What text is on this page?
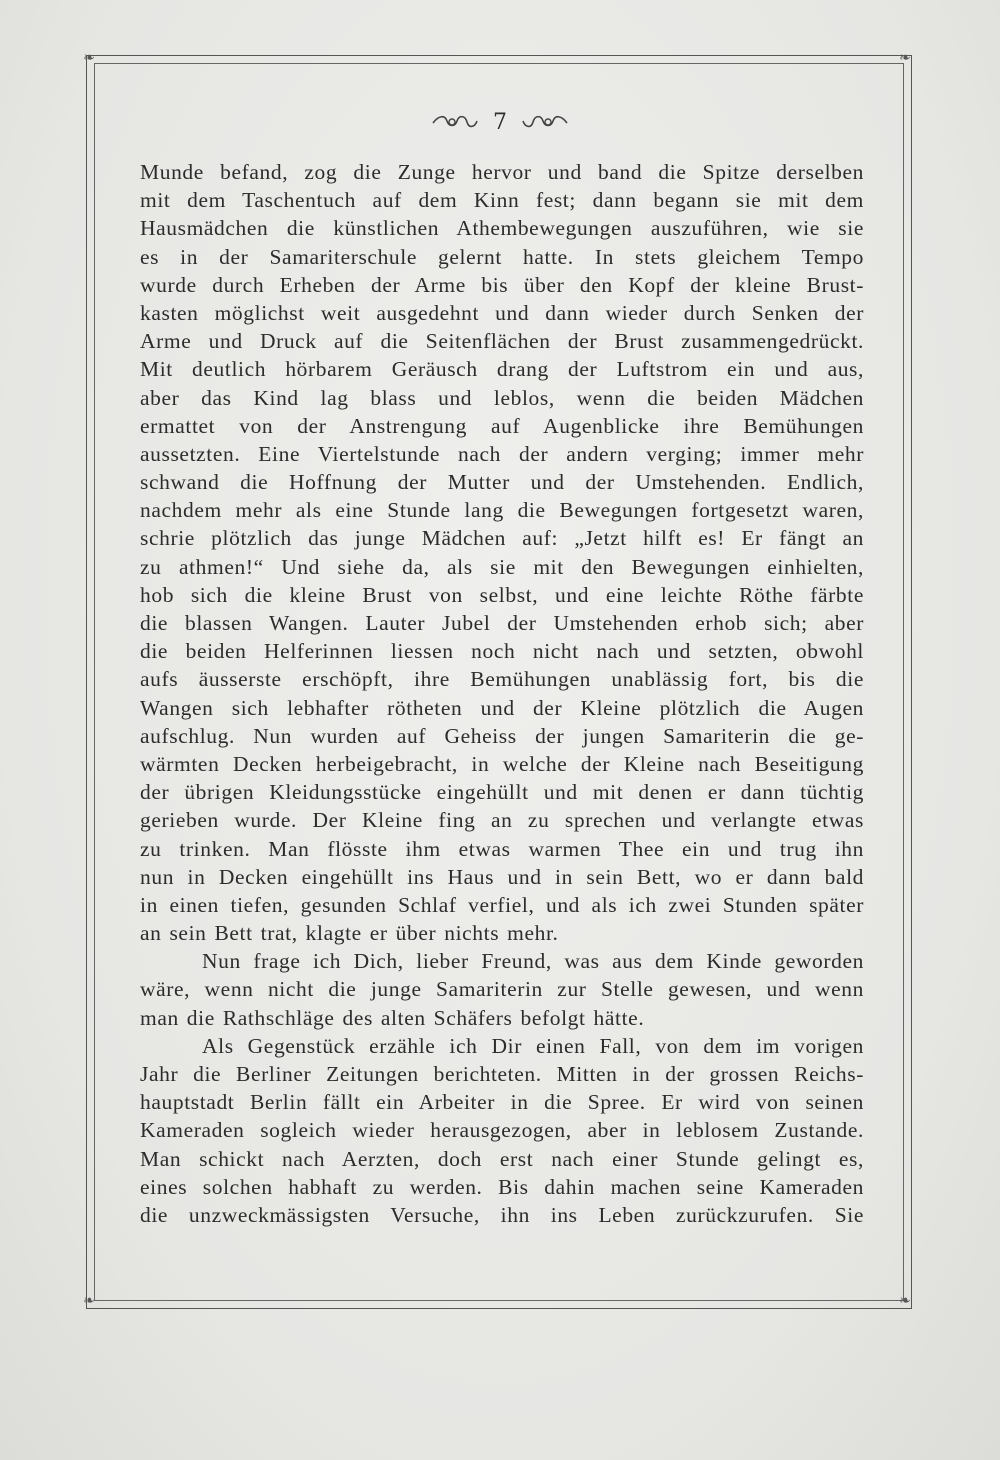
❧	❧
❧	❧
7
Munde befand, zog die Zunge hervor und band die Spitze derselben
mit dem Taschentuch auf dem Kinn fest; dann begann sie mit dem
Hausmädchen die künstlichen Athembewegungen auszuführen, wie sie
es in der Samariterschule gelernt hatte. In stets gleichem Tempo
wurde durch Erheben der Arme bis über den Kopf der kleine Brust-
kasten möglichst weit ausgedehnt und dann wieder durch Senken der
Arme und Druck auf die Seitenflächen der Brust zusammengedrückt.
Mit deutlich hörbarem Geräusch drang der Luftstrom ein und aus,
aber das Kind lag blass und leblos, wenn die beiden Mädchen
ermattet von der Anstrengung auf Augenblicke ihre Bemühungen
aussetzten. Eine Viertelstunde nach der andern verging; immer mehr
schwand die Hoffnung der Mutter und der Umstehenden. Endlich,
nachdem mehr als eine Stunde lang die Bewegungen fortgesetzt waren,
schrie plötzlich das junge Mädchen auf: „Jetzt hilft es! Er fängt an
zu athmen!“ Und siehe da, als sie mit den Bewegungen einhielten,
hob sich die kleine Brust von selbst, und eine leichte Röthe färbte
die blassen Wangen. Lauter Jubel der Umstehenden erhob sich; aber
die beiden Helferinnen liessen noch nicht nach und setzten, obwohl
aufs äusserste erschöpft, ihre Bemühungen unablässig fort, bis die
Wangen sich lebhafter rötheten und der Kleine plötzlich die Augen
aufschlug. Nun wurden auf Geheiss der jungen Samariterin die ge-
wärmten Decken herbeigebracht, in welche der Kleine nach Beseitigung
der übrigen Kleidungsstücke eingehüllt und mit denen er dann tüchtig
gerieben wurde. Der Kleine fing an zu sprechen und verlangte etwas
zu trinken. Man flösste ihm etwas warmen Thee ein und trug ihn
nun in Decken eingehüllt ins Haus und in sein Bett, wo er dann bald
in einen tiefen, gesunden Schlaf verfiel, und als ich zwei Stunden später
an sein Bett trat, klagte er über nichts mehr.
Nun frage ich Dich, lieber Freund, was aus dem Kinde geworden
wäre, wenn nicht die junge Samariterin zur Stelle gewesen, und wenn
man die Rathschläge des alten Schäfers befolgt hätte.
Als Gegenstück erzähle ich Dir einen Fall, von dem im vorigen
Jahr die Berliner Zeitungen berichteten. Mitten in der grossen Reichs-
hauptstadt Berlin fällt ein Arbeiter in die Spree. Er wird von seinen
Kameraden sogleich wieder herausgezogen, aber in leblosem Zustande.
Man schickt nach Aerzten, doch erst nach einer Stunde gelingt es,
eines solchen habhaft zu werden. Bis dahin machen seine Kameraden
die unzweckmässigsten Versuche, ihn ins Leben zurückzurufen. Sie
